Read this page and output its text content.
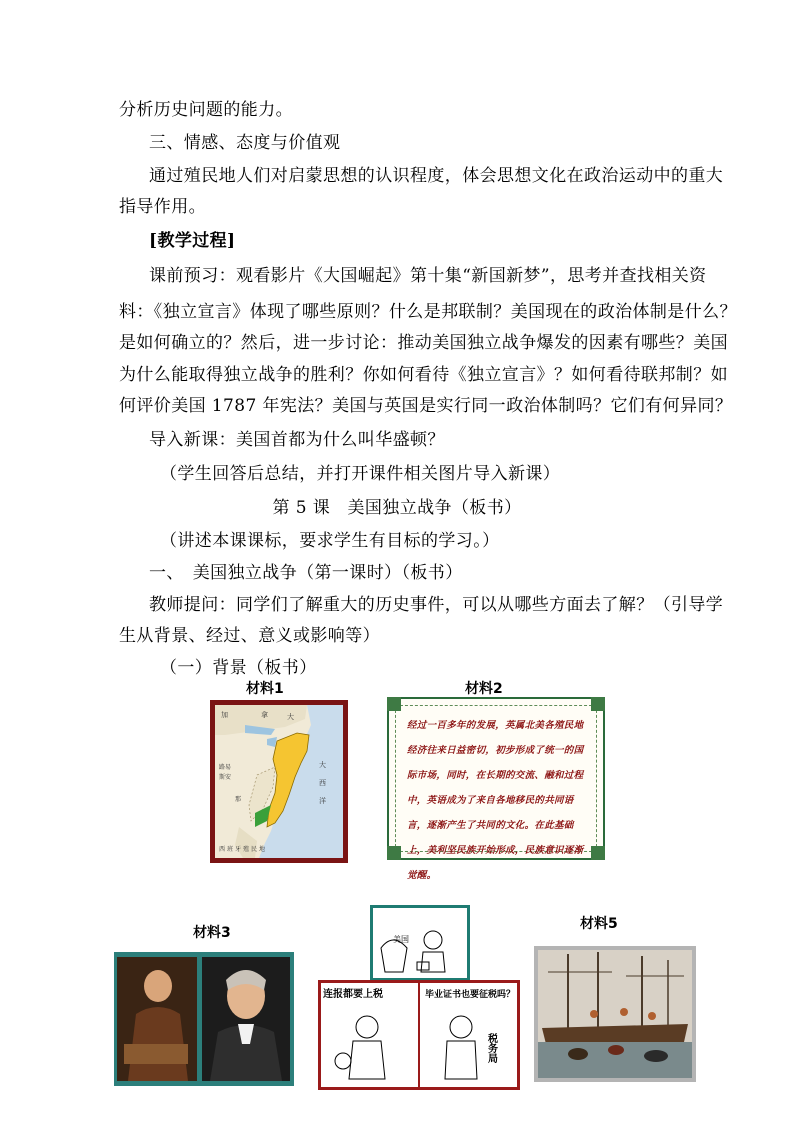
分析历史问题的能力。
三、情感、态度与价值观
通过殖民地人们对启蒙思想的认识程度，体会思想文化在政治运动中的重大
指导作用。
[教学过程]
课前预习：观看影片《大国崛起》第十集“新国新梦”，思考并查找相关资
料：《独立宣言》体现了哪些原则？什么是邦联制？美国现在的政治体制是什么？
是如何确立的？然后，进一步讨论：推动美国独立战争爆发的因素有哪些？美国
为什么能取得独立战争的胜利？你如何看待《独立宣言》？如何看待联邦制？如
何评价美国 1787 年宪法？美国与英国是实行同一政治体制吗？它们有何异同？
导入新课：美国首都为什么叫华盛顿？
（学生回答后总结，并打开课件相关图片导入新课）
第 5 课　美国独立战争（板书）
（讲述本课课标，要求学生有目标的学习。）
一、　美国独立战争（第一课时）（板书）
教师提问：同学们了解重大的历史事件，可以从哪些方面去了解？（引导学
生从背景、经过、意义或影响等）
（一）背景（板书）
材料1
加	拿	大
路 易
斯 安
那
西 班 牙 殖 民 地
大
西
洋
材料2
经过一百多年的发展，英属北美各殖民地经济往来日益密切，初步形成了统一的国际市场，同时，在长期的交流、融和过程中，英语成为了来自各地移民的共同语言，逐渐产生了共同的文化。在此基础上，美利坚民族开始形成，民族意识逐渐觉醒。
材料3	美国
连报都要上税	毕业证书也要征税吗？
税务局
材料5
